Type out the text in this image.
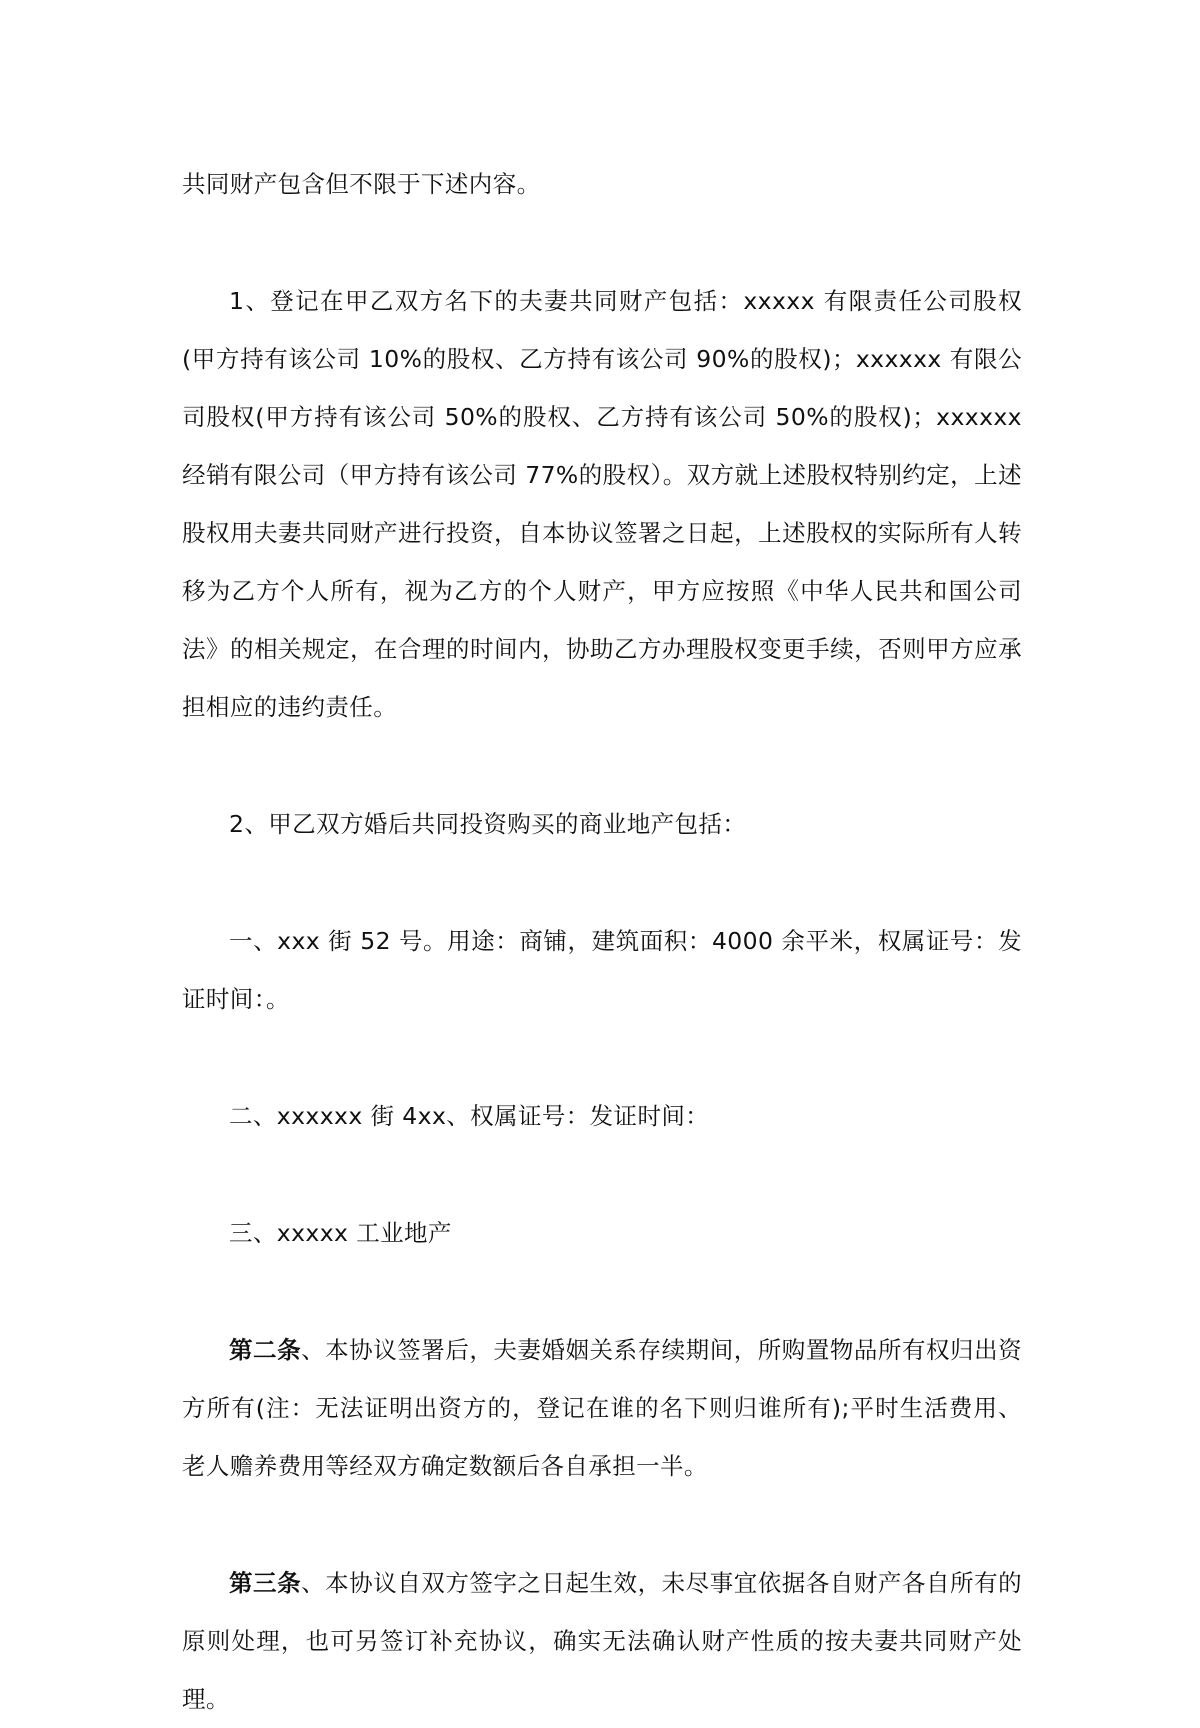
共同财产包含但不限于下述内容。

1、登记在甲乙双方名下的夫妻共同财产包括：xxxxx 有限责任公司股权(甲方持有该公司 10%的股权、乙方持有该公司 90%的股权)；xxxxxx 有限公司股权(甲方持有该公司 50%的股权、乙方持有该公司 50%的股权)；xxxxxx 经销有限公司（甲方持有该公司 77%的股权）。双方就上述股权特别约定，上述股权用夫妻共同财产进行投资，自本协议签署之日起，上述股权的实际所有人转移为乙方个人所有，视为乙方的个人财产，甲方应按照《中华人民共和国公司法》的相关规定，在合理的时间内，协助乙方办理股权变更手续，否则甲方应承担相应的违约责任。

2、甲乙双方婚后共同投资购买的商业地产包括：

一、xxx 街 52 号。用途：商铺，建筑面积：4000 余平米，权属证号：发证时间：。

二、xxxxxx 街 4xx、权属证号：发证时间：

三、xxxxx 工业地产

第二条、本协议签署后，夫妻婚姻关系存续期间，所购置物品所有权归出资方所有(注：无法证明出资方的，登记在谁的名下则归谁所有);平时生活费用、老人赡养费用等经双方确定数额后各自承担一半。

第三条、本协议自双方签字之日起生效，未尽事宜依据各自财产各自所有的原则处理，也可另签订补充协议，确实无法确认财产性质的按夫妻共同财产处理。
